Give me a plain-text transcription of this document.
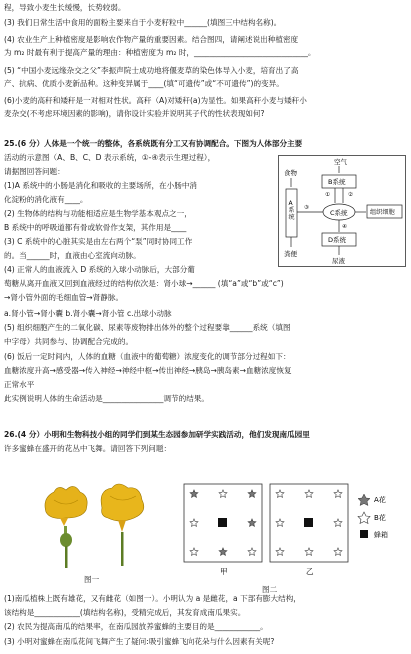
程，导致小麦生长缓慢，长势较弱。
(3) 我们日常生活中食用的面粉主要来自于小麦籽粒中______(填图三中结构名称)。
(4) 农业生产上种植密度是影响农作物产量的重要因素。结合图四，请阐述说出种植密度
为 m₂ 时最有利于提高产量的理由：种植密度为 m₂ 时，______________________________。
(5) “中国小麦远缘杂交之父”李振声院士成功地将偃麦草的染色体导入小麦，培育出了高
产、抗病、优质小麦新品种。这种变异属于____(填“可遗传”或“不可遗传”)的变异。
(6)小麦的高秆和矮秆是一对相对性状。高秆（A)对矮秆(a)为显性。如果高秆小麦与矮秆小
麦杂交(不考虑环境因素的影响)，请你设计实验并说明其子代的性状表现如何?
25.(6 分）人体是一个统一的整体，各系统既有分工又有协调配合。下图为人体部分主要
活动的示意图（A、B、C、D 表示系统，①-④表示生理过程），
请据图回答问题：
(1)A 系统中的小肠是消化和吸收的主要场所，在小肠中消
化淀粉的消化液有____。
(2) 生物体的结构与功能相适应是生物学基本观点之一，
B 系统中的呼吸道都有骨或软骨作支架，其作用是____
(3) C 系统中的心脏其实是由左右两个“泵”同时协同工作
的。当______时，血液由心室流向动脉。
(4) 正常人的血液流入 D 系统的入球小动脉后，大部分葡
萄糖从离开血液又回到血液经过的结构依次是：肾小球→______ (填“a”或“b”或“c”)
→肾小管外面的毛细血管→肾静脉。
a.肾小管→肾小囊 b.肾小囊→肾小管 c.出球小动脉
(5) 组织细胞产生的二氧化碳、尿素等废物排出体外的整个过程要靠______系统（填图
中字母）共同参与、协调配合完成的。
(6) 饭后一定时间内，人体的血糖（血液中的葡萄糖）浓度变化的调节部分过程如下：
血糖浓度升高→感受器→传入神经→神经中枢→传出神经→胰岛→胰岛素→血糖浓度恢复
正常水平
此实例说明人体的生命活动是________________调节的结果。
空气
食物
A 系统
粪便
B系统
①	②
C系统
③
组织细胞
④
D系统
尿液
26.(4 分）小明和生物科技小组的同学们到某生态园参加研学实践活动，他们发现南瓜园里
许多蜜蜂在盛开的花丛中飞舞。请回答下列问题：
图一
甲	乙
A花
B花
蜂箱
图二
(1)南瓜植株上既有雄花，又有雌花（如图一）。小明认为 a 是雌花，a 下部有膨大结构，
该结构是____________(填结构名称)，受精完成后，其发育成南瓜果实。
(2) 农民为提高南瓜的结果率，在南瓜园放养蜜蜂的主要目的是____________。
(3) 小明对蜜蜂在南瓜花间飞舞产生了疑问:吸引蜜蜂飞向花朵与什么因素有关呢?
